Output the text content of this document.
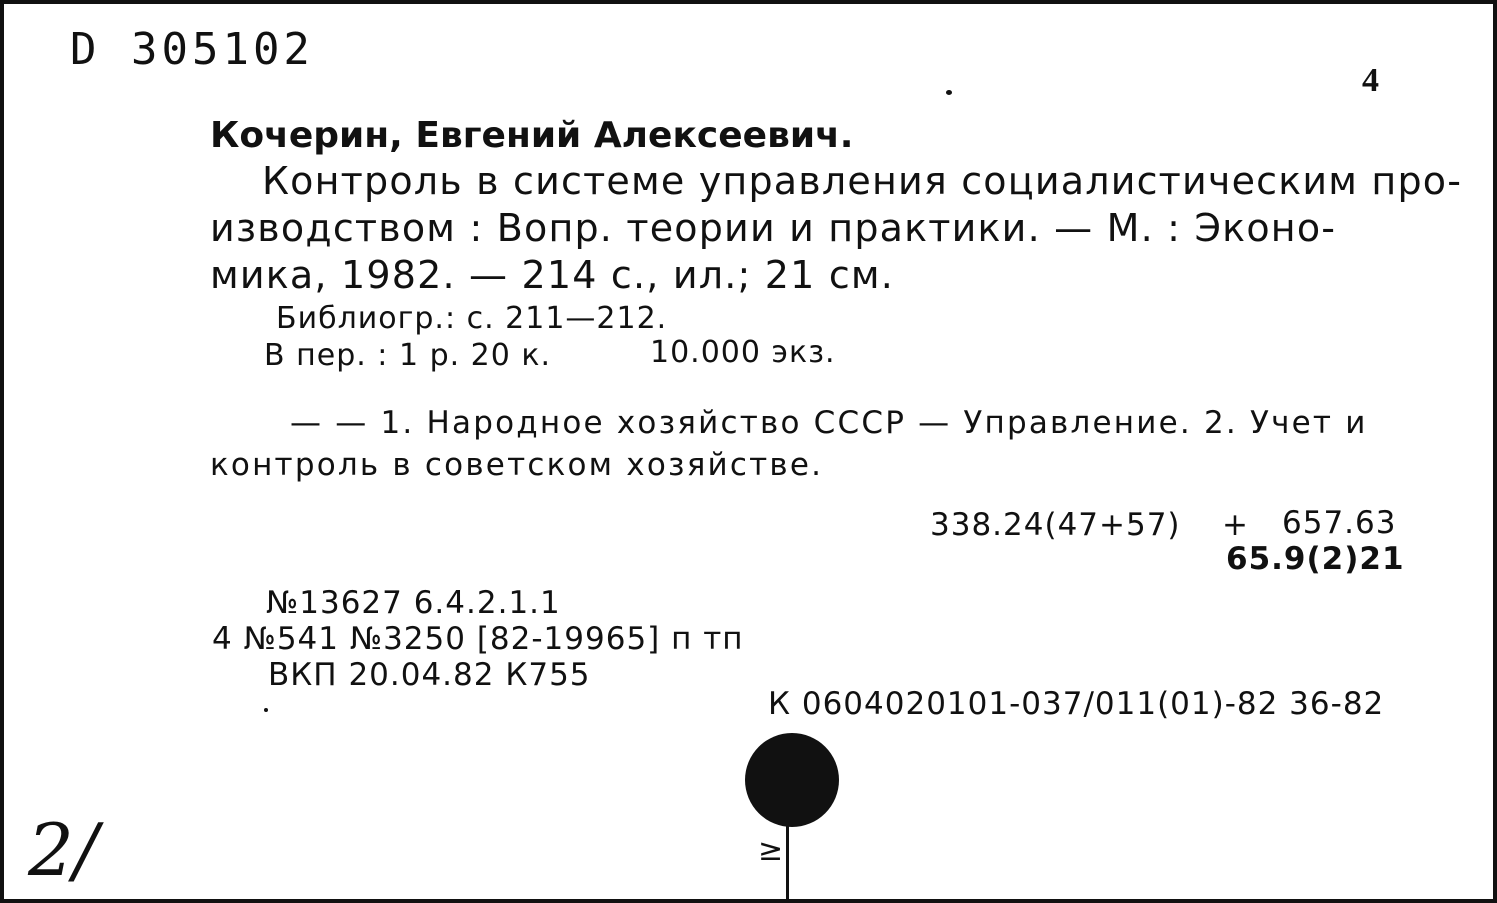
D 305102
4
Кочерин, Евгений Алексеевич.
Контроль в системе управления социалистическим про-
изводством : Вопр. теории и практики. — М. : Эконо-
мика, 1982. — 214 с., ил.; 21 см.
Библиогр.: с. 211—212.
В пер. : 1 р. 20 к.	10.000 экз.
— — 1. Народное хозяйство СССР — Управление. 2. Учет и
контроль в советском хозяйстве.
338.24(47+57) + 657.63
65.9(2)21
№13627 6.4.2.1.1
4 №541 №3250 [82-19965] п тп
ВКП 20.04.82 К755
К 0604020101-037/011(01)-82 36-82
2/	≥
